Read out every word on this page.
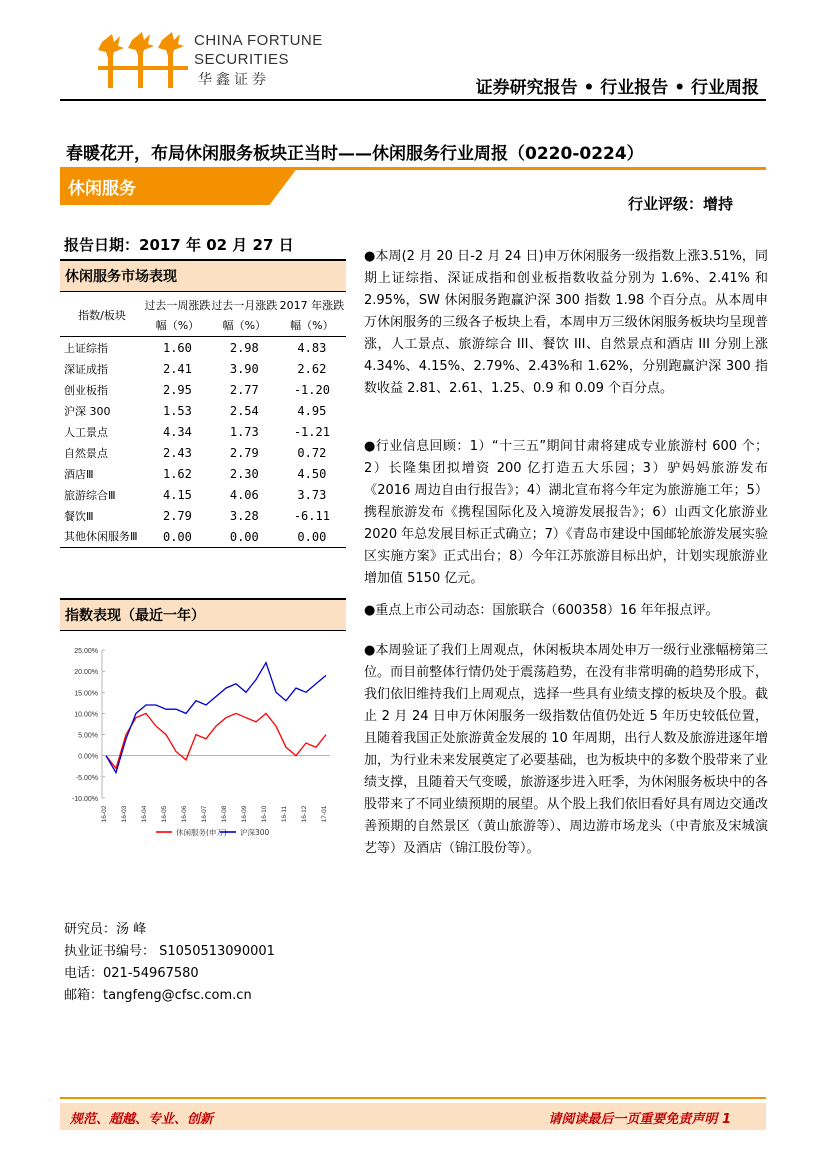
CHINA FORTUNE
SECURITIES
华鑫证券	证券研究报告 • 行业报告 • 行业周报
春暖花开，布局休闲服务板块正当时——休闲服务行业周报（0220-0224）
休闲服务
行业评级：增持
报告日期：2017 年 02 月 27 日
休闲服务市场表现
指数/板块	过去一周涨跌幅（%）	过去一月涨跌幅（%）	2017 年涨跌幅（%）
上证综指	1.60	2.98	4.83
深证成指	2.41	3.90	2.62
创业板指	2.95	2.77	-1.20
沪深 300	1.53	2.54	4.95
人工景点	4.34	1.73	-1.21
自然景点	2.43	2.79	0.72
酒店Ⅲ	1.62	2.30	4.50
旅游综合Ⅲ	4.15	4.06	3.73
餐饮Ⅲ	2.79	3.28	-6.11
其他休闲服务Ⅲ	0.00	0.00	0.00
指数表现（最近一年）
25.00%
20.00%
15.00%
10.00%
5.00%
0.00%
-5.00%
-10.00%
16-02 16-03 16-04 16-05 16-06 16-07 16-08 16-09 16-10 16-11 16-12 17-01
休闲服务(申万) 沪深300
●本周(2 月 20 日-2 月 24 日)申万休闲服务一级指数上涨3.51%，同期上证综指、深证成指和创业板指数收益分别为 1.6%、2.41% 和 2.95%，SW 休闲服务跑赢沪深 300 指数 1.98 个百分点。从本周申万休闲服务的三级各子板块上看，本周申万三级休闲服务板块均呈现普涨，人工景点、旅游综合 III、餐饮 III、自然景点和酒店 III 分别上涨 4.34%、4.15%、2.79%、2.43%和 1.62%，分别跑赢沪深 300 指数收益 2.81、2.61、1.25、0.9 和 0.09 个百分点。
●行业信息回顾：1）“十三五”期间甘肃将建成专业旅游村 600 个；2）长隆集团拟增资 200 亿打造五大乐园；3）驴妈妈旅游发布《2016 周边自由行报告》；4）湖北宣布将今年定为旅游施工年；5）携程旅游发布《携程国际化及入境游发展报告》；6）山西文化旅游业 2020 年总发展目标正式确立；7）《青岛市建设中国邮轮旅游发展实验区实施方案》正式出台；8）今年江苏旅游目标出炉，计划实现旅游业增加值 5150 亿元。
●重点上市公司动态：国旅联合（600358）16 年年报点评。
●本周验证了我们上周观点，休闲板块本周处申万一级行业涨幅榜第三位。而目前整体行情仍处于震荡趋势，在没有非常明确的趋势形成下，我们依旧维持我们上周观点，选择一些具有业绩支撑的板块及个股。截止 2 月 24 日申万休闲服务一级指数估值仍处近 5 年历史较低位置，且随着我国正处旅游黄金发展的 10 年周期，出行人数及旅游进逐年增加，为行业未来发展奠定了必要基础，也为板块中的多数个股带来了业绩支撑，且随着天气变暖，旅游逐步进入旺季，为休闲服务板块中的各股带来了不同业绩预期的展望。从个股上我们依旧看好具有周边交通改善预期的自然景区（黄山旅游等）、周边游市场龙头（中青旅及宋城演艺等）及酒店（锦江股份等）。
研究员：汤 峰
执业证书编号： S1050513090001
电话：021-54967580
邮箱：tangfeng@cfsc.com.cn
规范、超越、专业、创新	请阅读最后一页重要免责声明 1
